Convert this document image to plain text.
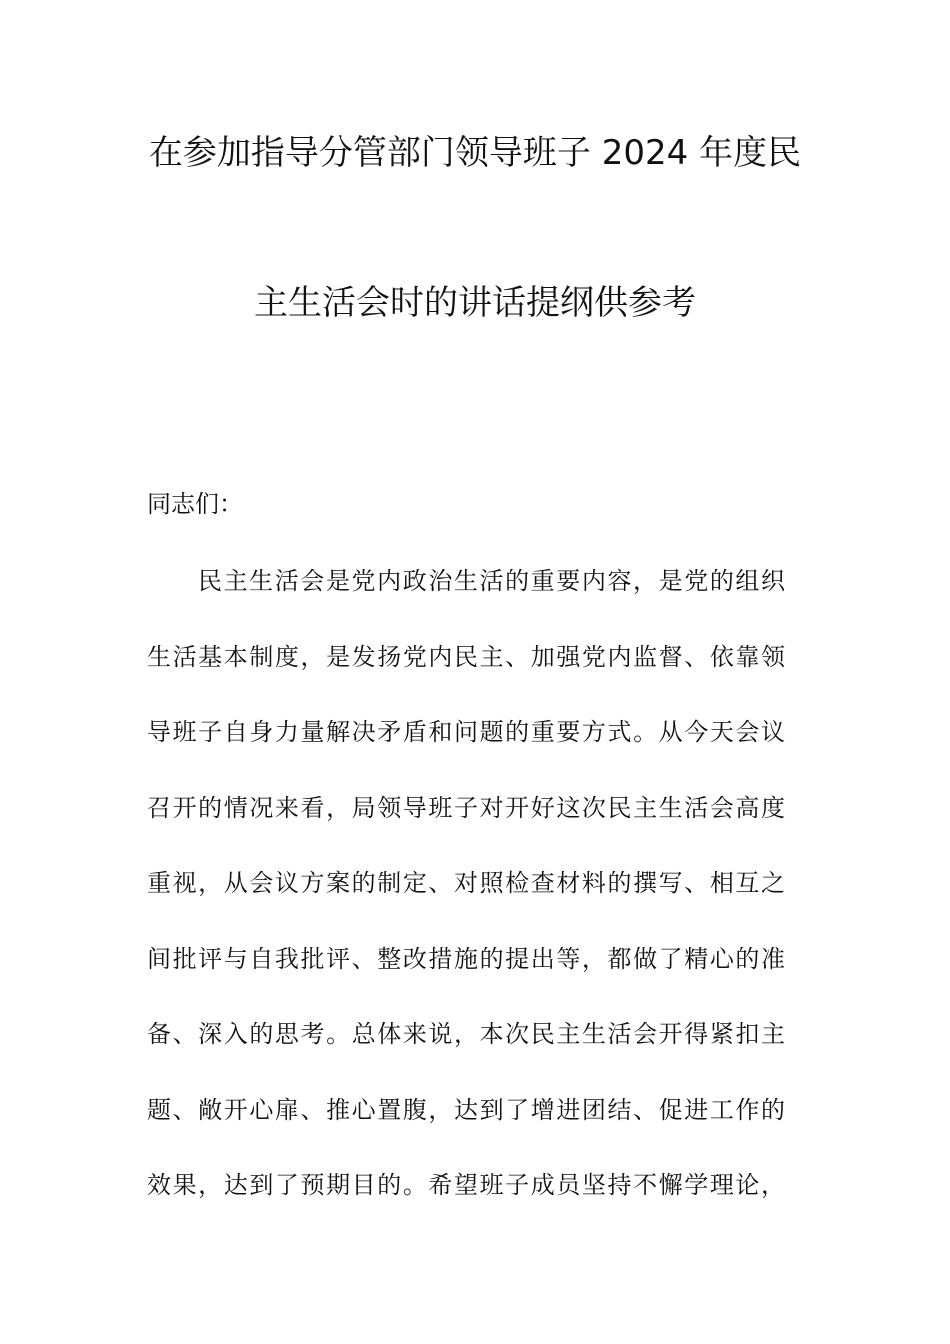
在参加指导分管部门领导班子 2024 年度民
主生活会时的讲话提纲供参考
同志们：
民主生活会是党内政治生活的重要内容，是党的组织
生活基本制度，是发扬党内民主、加强党内监督、依靠领
导班子自身力量解决矛盾和问题的重要方式。从今天会议
召开的情况来看，局领导班子对开好这次民主生活会高度
重视，从会议方案的制定、对照检查材料的撰写、相互之
间批评与自我批评、整改措施的提出等，都做了精心的准
备、深入的思考。总体来说，本次民主生活会开得紧扣主
题、敞开心扉、推心置腹，达到了增进团结、促进工作的
效果，达到了预期目的。希望班子成员坚持不懈学理论，
